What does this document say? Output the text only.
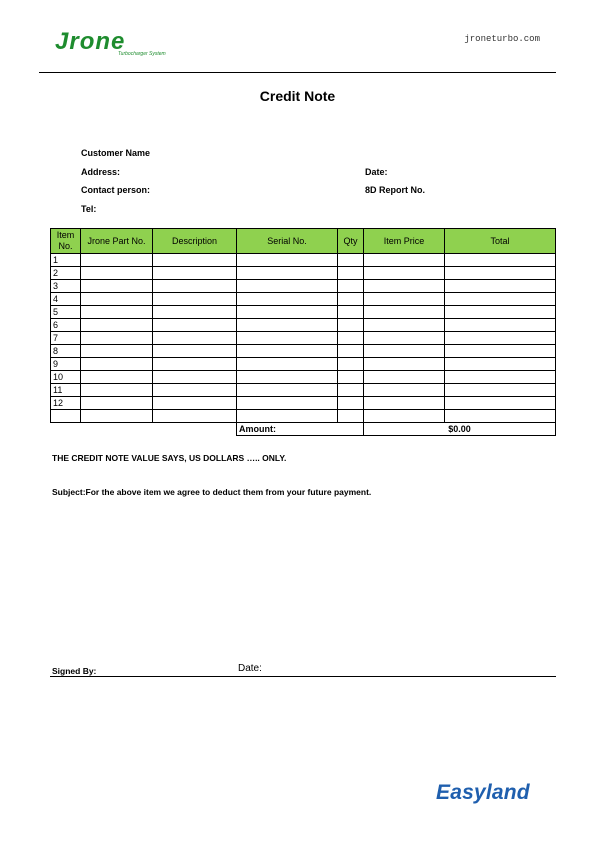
Jrone
Turbocharger System
jroneturbo.com
Credit Note
Customer Name
Address:	Date:
Contact person:	8D Report No.
Tel:
Item No.	Jrone Part No.	Description	Serial No.	Qty	Item Price	Total
1						
2						
3						
4						
5						
6						
7						
8						
9						
10						
11						
12						

			Amount:		$0.00	
THE CREDIT NOTE VALUE SAYS, US DOLLARS ….. ONLY.
Subject:For the above item we agree to deduct them from your future payment.
Signed By:	Date:
Easyland
